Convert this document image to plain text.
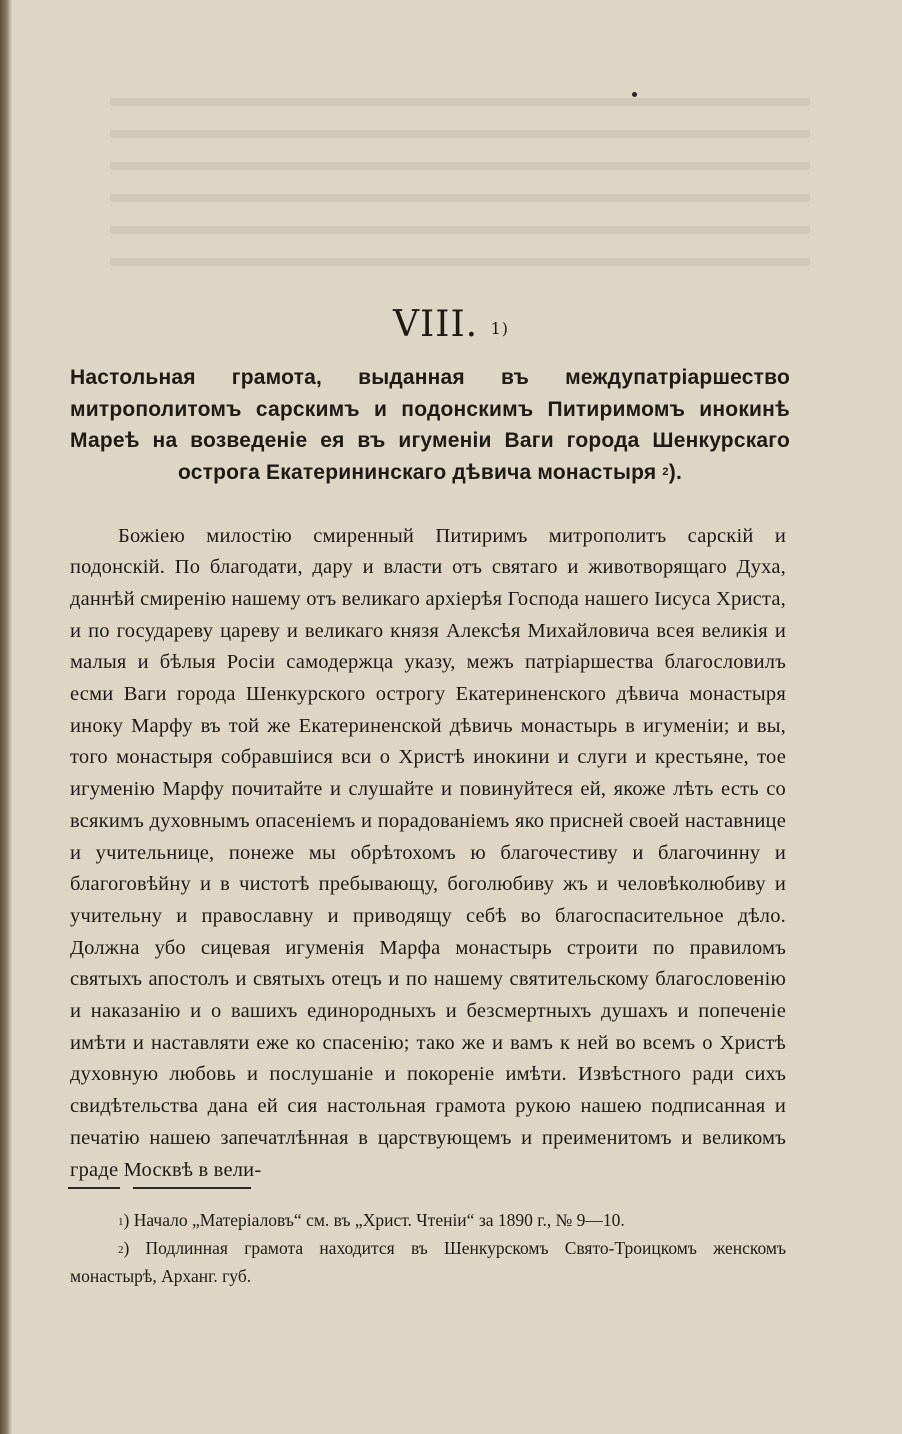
VIII. $^{1)}$
Настольная грамота, выданная въ междупатріаршество митрополитомъ сарскимъ и подонскимъ Питиримомъ инокинѣ Мареѣ на возведеніе ея въ игуменіи Ваги города Шенкурскаго острога Екатерининскаго дѣвича монастыря $^2$).

Божіею милостію смиренный Питиримъ митрополитъ сарскій и подонскій. По благодати, дару и власти отъ святаго и животворящаго Духа, даннѣй смиренію нашему отъ великаго архіерѣя Господа нашего Іисуса Христа, и по государеву цареву и великаго князя Алексѣя Михайловича всея великія и малыя и бѣлыя Росіи самодержца указу, межъ патріаршества благословилъ есми Ваги города Шенкурского острогу Екатериненского дѣвича монастыря иноку Марфу въ той же Екатериненской дѣвичь монастырь в игуменіи; и вы, того монастыря собравшіися вси о Христѣ инокини и слуги и крестьяне, тое игуменію Марфу почитайте и слушайте и повинуйтеся ей, якоже лѣть есть со всякимъ духовнымъ опасеніемъ и порадованіемъ яко присней своей наставнице и учительнице, понеже мы обрѣтохомъ ю благочестиву и благочинну и благоговѣйну и в чистотѣ пребывающу, боголюбиву жъ и человѣколюбиву и учительну и православну и приводящу себѣ во благоспасительное дѣло. Должна убо сицевая игуменія Марфа монастырь строити по правиломъ святыхъ апостолъ и святыхъ отецъ и по нашему святительскому благословенію и наказанію и о вашихъ единородныхъ и безсмертныхъ душахъ и попеченіе имѣти и наставляти еже ко спасенію; тако же и вамъ к ней во всемъ о Христѣ духовную любовь и послушаніе и покореніе имѣти. Извѣстного ради сихъ свидѣтельства дана ей сия настольная грамота рукою нашею подписанная и печатію нашею запечатлѣнная в царствующемъ и преименитомъ и великомъ граде Москвѣ в вели-

$^1$) Начало „Матеріаловъ“ см. въ „Христ. Чтеніи“ за 1890 г., № 9—10.

$^2$) Подлинная грамота находится въ Шенкурскомъ Свято-Троицкомъ женскомъ монастырѣ, Арханг. губ.
